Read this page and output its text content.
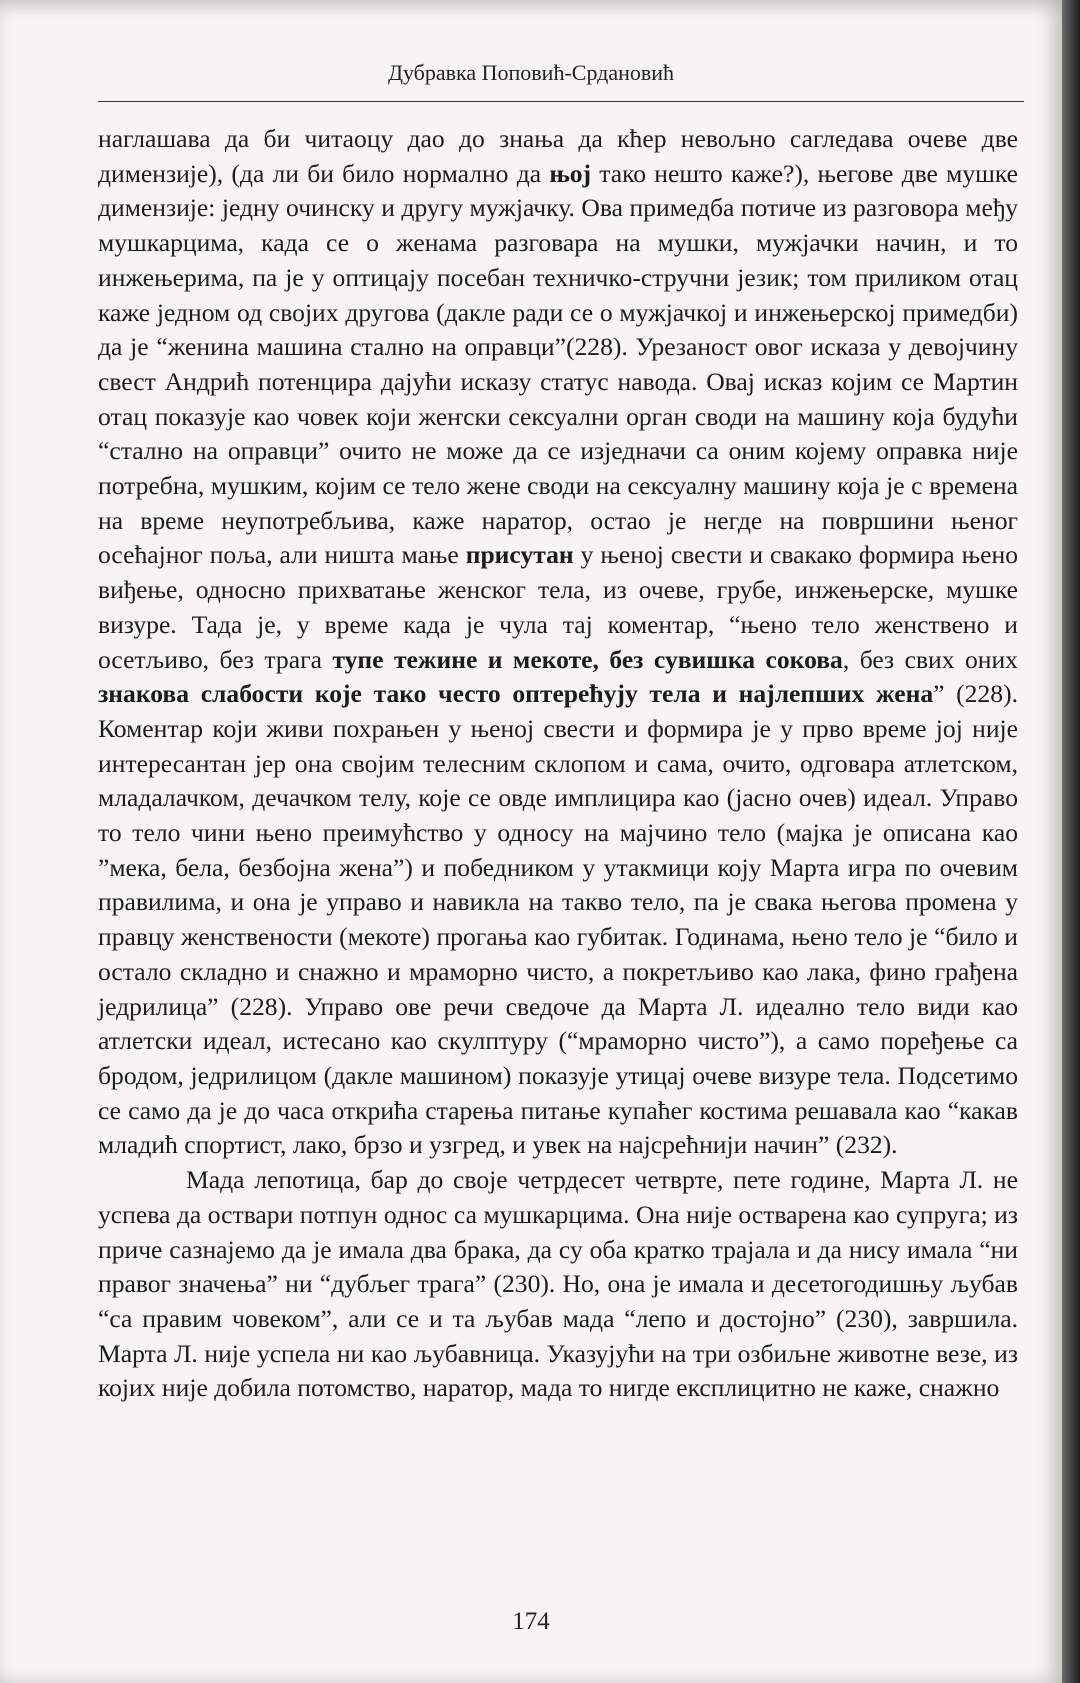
Дубравка Поповић-Срдановић

наглашава да би читаоцу дао до знања да кћер невољно сагледава очеве две димензије), (да ли би било нормално да њој тако нешто каже?), његове две мушке димензије: једну очинску и другу мужјачку. Ова примедба потиче из разговора међу мушкарцима, када се о женама разговара на мушки, мужјачки начин, и то инжењерима, па је у оптицају посебан техничко-стручни језик; том приликом отац каже једном од својих другова (дакле ради се о мужјачкој и инжењерској примедби) да је “женина машина стално на оправци”(228). Урезаност овог исказа у девојчину свест Андрић потенцира дајући исказу статус навода. Овај исказ којим се Мартин отац показује као човек који жеҥски сексуални орган своди на машину која будући “стално на оправци” очито не може да се изједначи са оним којему оправка није потребна, мушким, којим се тело жене своди на сексуалну машину која је с времена на време неупотребљива, каже наратор, остао је негде на површини њеног осећајног поља, али ништа мање присутан у њеној свести и свакако формира њено виђење, односно прихватање женског тела, из очеве, грубе, инжењерске, мушке визуре. Тада је, у време када је чула тај коментар, “њено тело женствено и осетљиво, без трага тупе тежине и мекоте, без сувишка сокова, без свих оних знакова слабости које тако често оптерећују тела и најлепших жена” (228). Коментар који живи похрањен у њеној свести и формира је у прво време јој није интересантан јер она својим телесним склопом и сама, очито, одговара атлетском, младалачком, дечачком телу, које се овде имплицира као (јасно очев) идеал. Управо то тело чини њено преимућство у односу на мајчино тело (мајка је описана као ”мека, бела, безбојна жена”) и победником у утакмици коју Марта игра по очевим правилима, и она је управо и навикла на такво тело, па је свака његова промена у правцу женствености (мекоте) прогања као губитак. Годинама, њено тело је “било и остало складно и снажно и мраморно чисто, а покретљиво као лака, фино грађена једрилица” (228). Управо ове речи сведоче да Марта Л. идеално тело види као атлетски идеал, истесано као скулптуру (“мраморно чисто”), а само поређење са бродом, једрилицом (дакле машином) показује утицај очеве визуре тела. Подсетимо се само да је до часа открића старења питање купаћег костима решавала као “какав младић спортист, лако, брзо и узгред, и увек на најсрећнији начин” (232).

Мада лепотица, бар до своје четрдесет четврте, пете године, Марта Л. не успева да оствари потпун однос са мушкарцима. Она није остварена као супруга; из приче сазнајемо да је имала два брака, да су оба кратко трајала и да нису имала “ни правог значења” ни “дубљег трага” (230). Но, она је имала и десетогодишњу љубав “са правим човеком”, али се и та љубав мада “лепо и достојно” (230), завршила. Марта Л. није успела ни као љубавница. Указујући на три озбиљне животне везе, из којих није добила потомство, наратор, мада то нигде експлицитно не каже, снажно

174
